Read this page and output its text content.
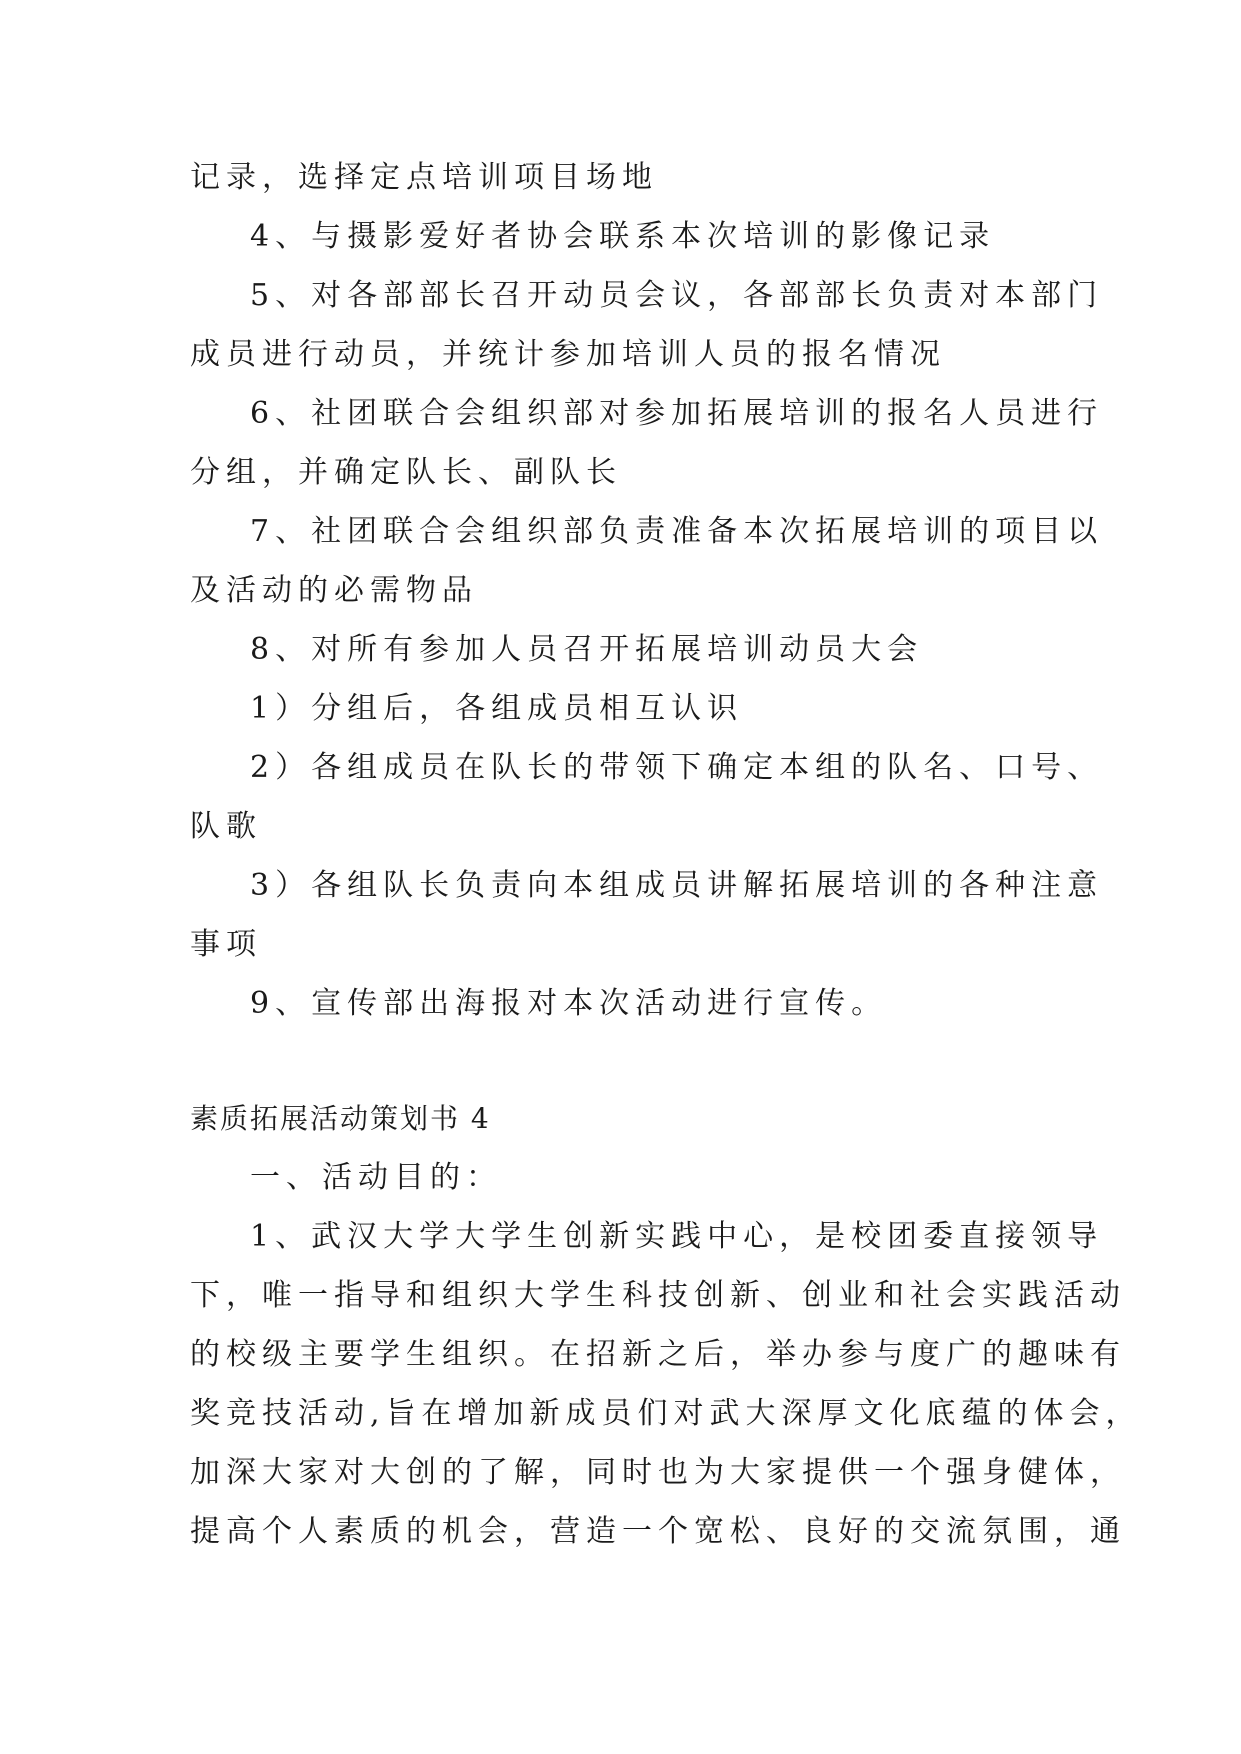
记录，选择定点培训项目场地
4、与摄影爱好者协会联系本次培训的影像记录
5、对各部部长召开动员会议，各部部长负责对本部门
成员进行动员，并统计参加培训人员的报名情况
6、社团联合会组织部对参加拓展培训的报名人员进行
分组，并确定队长、副队长
7、社团联合会组织部负责准备本次拓展培训的项目以
及活动的必需物品
8、对所有参加人员召开拓展培训动员大会
1）分组后，各组成员相互认识
2）各组成员在队长的带领下确定本组的队名、口号、
队歌
3）各组队长负责向本组成员讲解拓展培训的各种注意
事项
9、宣传部出海报对本次活动进行宣传。
素质拓展活动策划书 4
一、活动目的：
1、武汉大学大学生创新实践中心，是校团委直接领导
下，唯一指导和组织大学生科技创新、创业和社会实践活动
的校级主要学生组织。在招新之后，举办参与度广的趣味有
奖竞技活动,旨在增加新成员们对武大深厚文化底蕴的体会，
加深大家对大创的了解，同时也为大家提供一个强身健体，
提高个人素质的机会，营造一个宽松、良好的交流氛围，通
